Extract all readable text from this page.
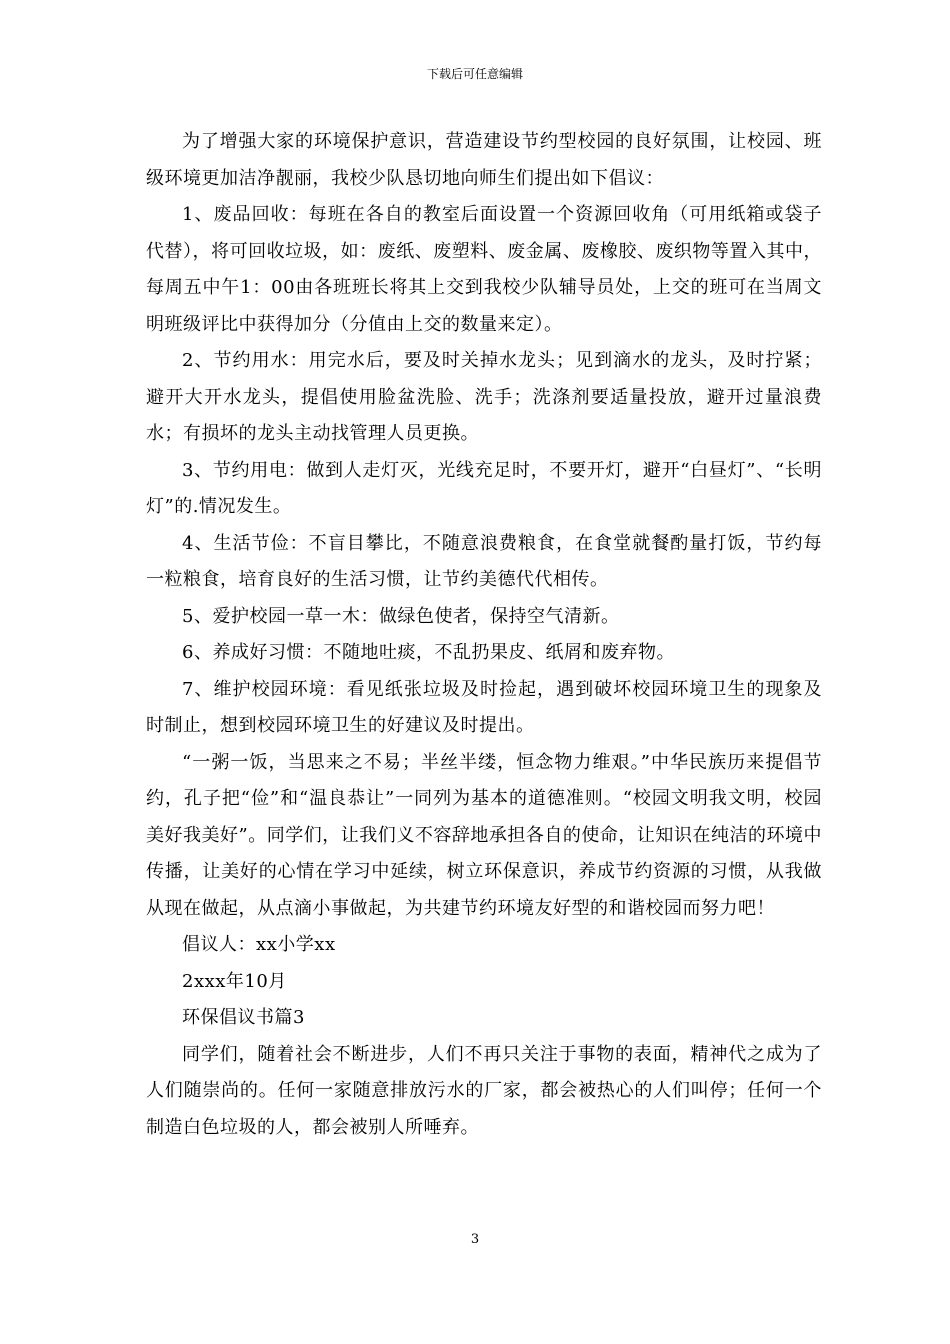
下载后可任意编辑

为了增强大家的环境保护意识，营造建设节约型校园的良好氛围，让校园、班级环境更加洁净靓丽，我校少队恳切地向师生们提出如下倡议：

1、废品回收：每班在各自的教室后面设置一个资源回收角（可用纸箱或袋子代替），将可回收垃圾，如：废纸、废塑料、废金属、废橡胶、废织物等置入其中，每周五中午1：00由各班班长将其上交到我校少队辅导员处，上交的班可在当周文明班级评比中获得加分（分值由上交的数量来定）。

2、节约用水：用完水后，要及时关掉水龙头；见到滴水的龙头，及时拧紧；避开大开水龙头，提倡使用脸盆洗脸、洗手；洗涤剂要适量投放，避开过量浪费水；有损坏的龙头主动找管理人员更换。

3、节约用电：做到人走灯灭，光线充足时，不要开灯，避开“白昼灯”、“长明灯”的.情况发生。

4、生活节俭：不盲目攀比，不随意浪费粮食，在食堂就餐酌量打饭，节约每一粒粮食，培育良好的生活习惯，让节约美德代代相传。

5、爱护校园一草一木：做绿色使者，保持空气清新。

6、养成好习惯：不随地吐痰，不乱扔果皮、纸屑和废弃物。

7、维护校园环境：看见纸张垃圾及时捡起，遇到破坏校园环境卫生的现象及时制止，想到校园环境卫生的好建议及时提出。

“一粥一饭，当思来之不易；半丝半缕，恒念物力维艰。”中华民族历来提倡节约，孔子把“俭”和“温良恭让”一同列为基本的道德准则。“校园文明我文明，校园美好我美好”。同学们，让我们义不容辞地承担各自的使命，让知识在纯洁的环境中传播，让美好的心情在学习中延续，树立环保意识，养成节约资源的习惯，从我做从现在做起，从点滴小事做起，为共建节约环境友好型的和谐校园而努力吧！

倡议人：xx小学xx

2xxx年10月

环保倡议书篇3

同学们，随着社会不断进步，人们不再只关注于事物的表面，精神代之成为了人们随崇尚的。任何一家随意排放污水的厂家，都会被热心的人们叫停；任何一个制造白色垃圾的人，都会被别人所唾弃。

3
